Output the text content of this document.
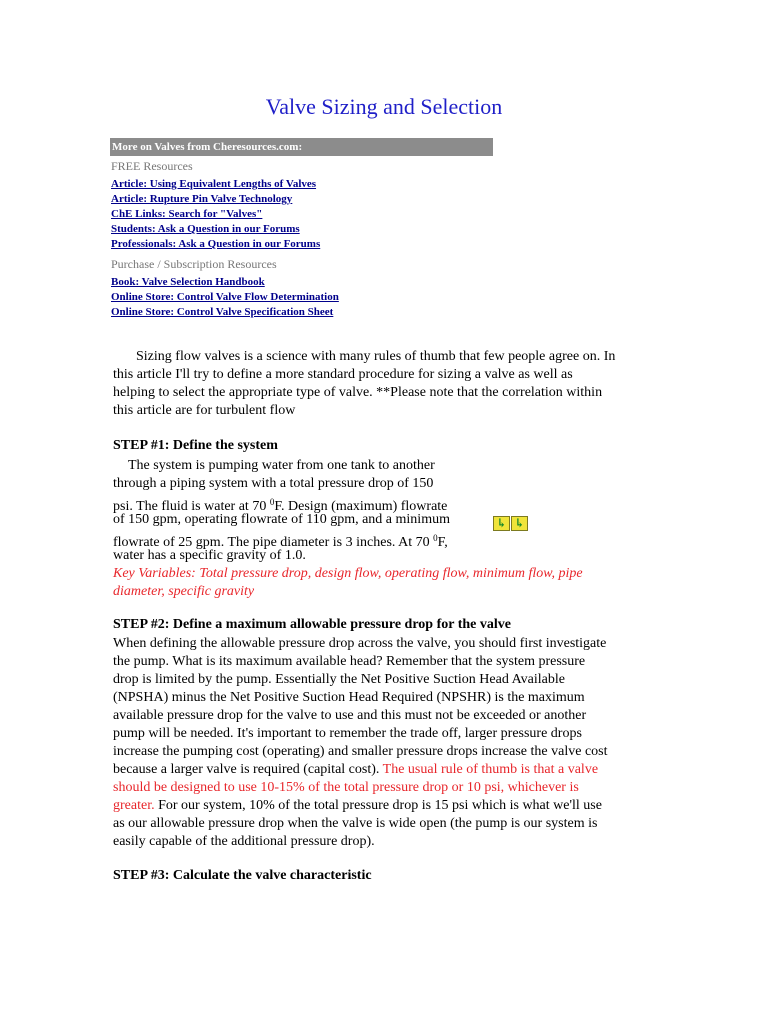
Valve Sizing and Selection
More on Valves from Cheresources.com:
FREE Resources
Article: Using Equivalent Lengths of Valves
Article: Rupture Pin Valve Technology
ChE Links: Search for "Valves"
Students: Ask a Question in our Forums
Professionals: Ask a Question in our Forums
Purchase / Subscription Resources
Book: Valve Selection Handbook
Online Store: Control Valve Flow Determination
Online Store: Control Valve Specification Sheet
Sizing flow valves is a science with many rules of thumb that few people agree on. In
this article I'll try to define a more standard procedure for sizing a valve as well as
helping to select the appropriate type of valve. **Please note that the correlation within
this article are for turbulent flow
STEP #1: Define the system
The system is pumping water from one tank to another
through a piping system with a total pressure drop of 150
psi. The fluid is water at 70 $^0$F. Design (maximum) flowrate
of 150 gpm, operating flowrate of 110 gpm, and a minimum
flowrate of 25 gpm. The pipe diameter is 3 inches. At 70 $^0$F,
water has a specific gravity of 1.0.
Key Variables: Total pressure drop, design flow, operating flow, minimum flow, pipe
diameter, specific gravity
↳ ↳
STEP #2: Define a maximum allowable pressure drop for the valve
When defining the allowable pressure drop across the valve, you should first investigate
the pump. What is its maximum available head? Remember that the system pressure
drop is limited by the pump. Essentially the Net Positive Suction Head Available
(NPSHA) minus the Net Positive Suction Head Required (NPSHR) is the maximum
available pressure drop for the valve to use and this must not be exceeded or another
pump will be needed. It's important to remember the trade off, larger pressure drops
increase the pumping cost (operating) and smaller pressure drops increase the valve cost
because a larger valve is required (capital cost). The usual rule of thumb is that a valve
should be designed to use 10-15% of the total pressure drop or 10 psi, whichever is
greater. For our system, 10% of the total pressure drop is 15 psi which is what we'll use
as our allowable pressure drop when the valve is wide open (the pump is our system is
easily capable of the additional pressure drop).
STEP #3: Calculate the valve characteristic
